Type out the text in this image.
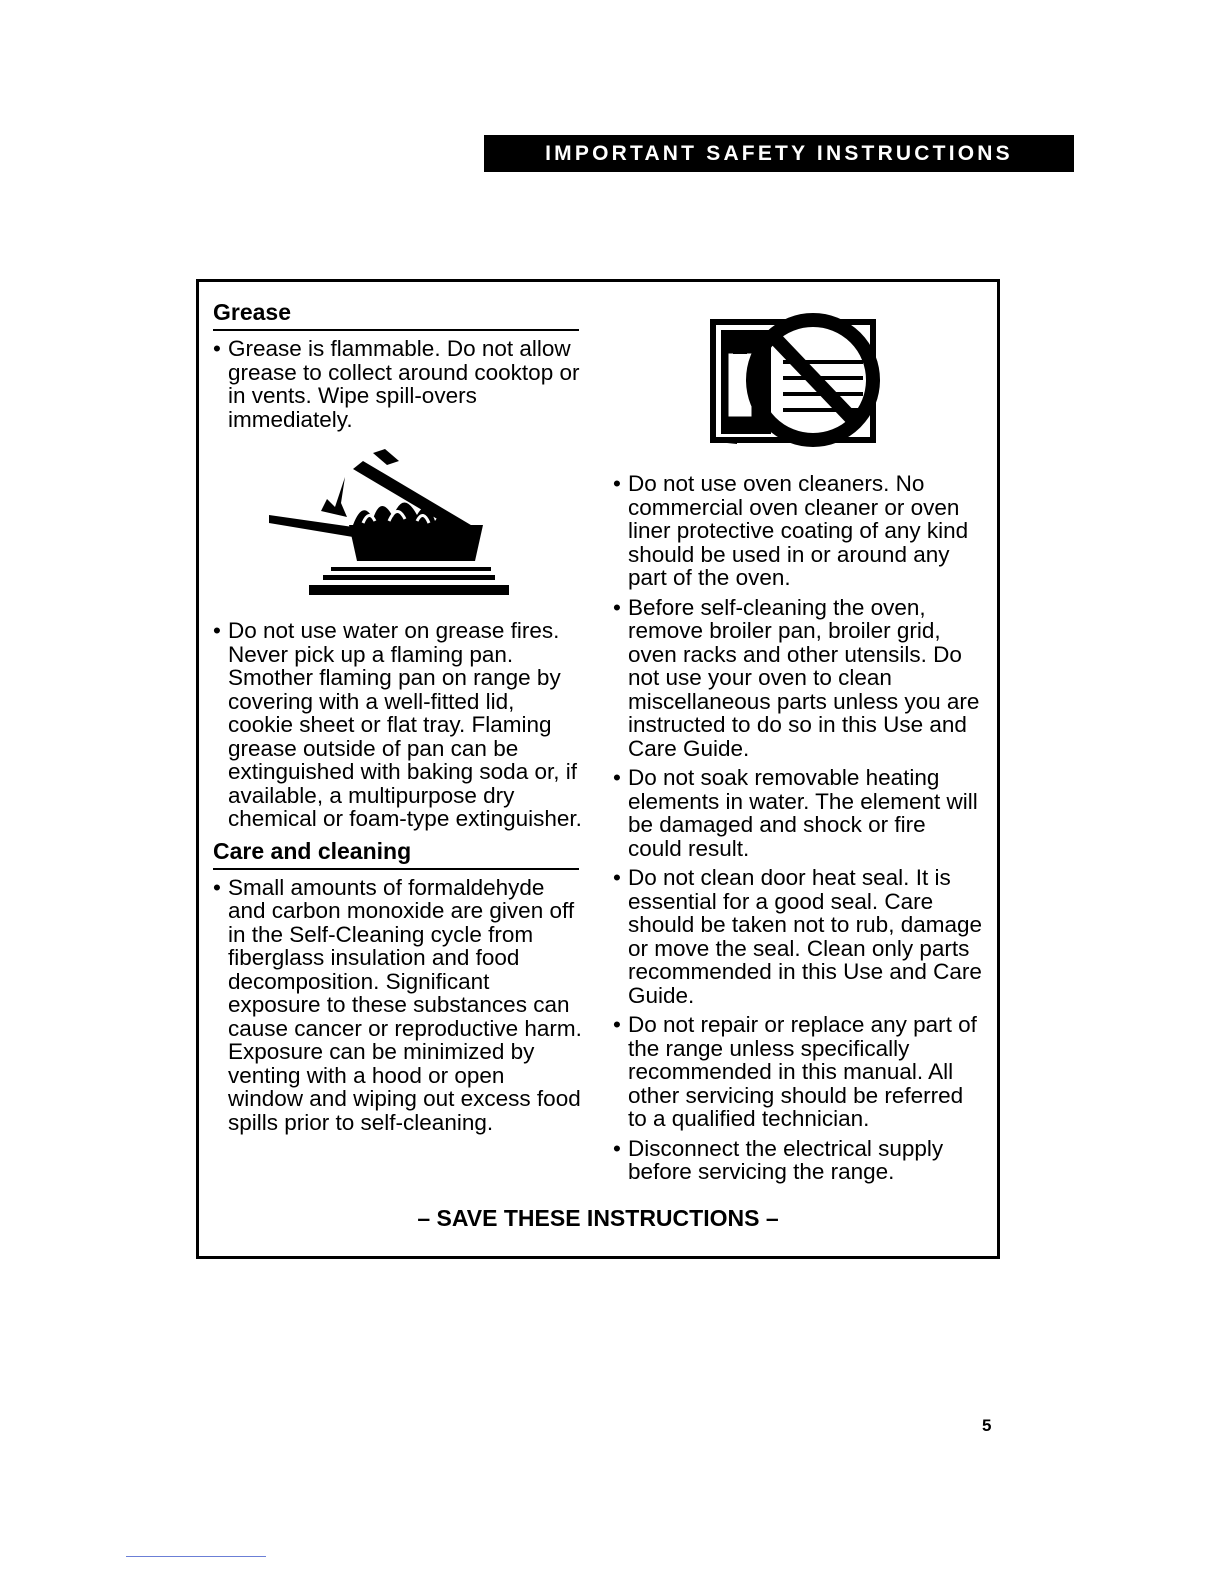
IMPORTANT SAFETY INSTRUCTIONS
Grease

• Grease is flammable. Do not allow grease to collect around cooktop or in vents. Wipe spill-overs immediately.

• Do not use water on grease fires. Never pick up a flaming pan. Smother flaming pan on range by covering with a well-fitted lid, cookie sheet or flat tray. Flaming grease outside of pan can be extinguished with baking soda or, if available, a multipurpose dry chemical or foam-type extinguisher.

Care and cleaning

• Small amounts of formaldehyde and carbon monoxide are given off in the Self-Cleaning cycle from fiberglass insulation and food decomposition. Significant exposure to these substances can cause cancer or reproductive harm. Exposure can be minimized by venting with a hood or open window and wiping out excess food spills prior to self-cleaning.

• Do not use oven cleaners. No commercial oven cleaner or oven liner protective coating of any kind should be used in or around any part of the oven.

• Before self-cleaning the oven, remove broiler pan, broiler grid, oven racks and other utensils. Do not use your oven to clean miscellaneous parts unless you are instructed to do so in this Use and Care Guide.

• Do not soak removable heating elements in water. The element will be damaged and shock or fire could result.

• Do not clean door heat seal. It is essential for a good seal. Care should be taken not to rub, damage or move the seal. Clean only parts recommended in this Use and Care Guide.

• Do not repair or replace any part of the range unless specifically recommended in this manual. All other servicing should be referred to a qualified technician.

• Disconnect the electrical supply before servicing the range.

– SAVE THESE INSTRUCTIONS –
5
